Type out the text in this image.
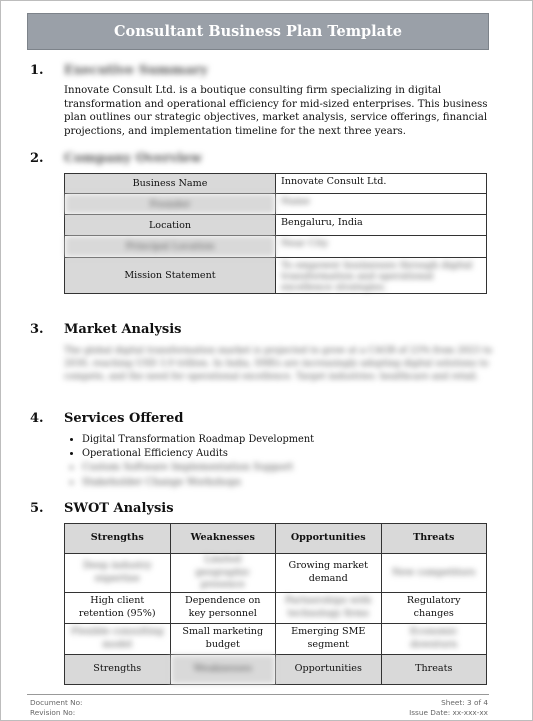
Consultant Business Plan Template
1. Executive Summary
Innovate Consult Ltd. is a boutique consulting firm specializing in digital transformation and operational efficiency for mid-sized enterprises. This business plan outlines our strategic objectives, market analysis, service offerings, financial projections, and implementation timeline for the next three years.
2. Company Overview
Business Name	Innovate Consult Ltd.
Founder	Name
Location	Bengaluru, India
Principal Location	Near City
Mission Statement	To empower businesses through digital transformation and operational excellence strategies.
3. Market Analysis
The global digital transformation market is projected to grow at a CAGR of 23% from 2023 to 2030, reaching USD 3.9 trillion. In India, SMEs are increasingly adopting digital solutions to compete, and the need for operational excellence. Target industries: healthcare and retail.
4. Services Offered
• Digital Transformation Roadmap Development
• Operational Efficiency Audits
• Custom Software Implementation Support
• Stakeholder Change Workshops
5. SWOT Analysis
Strengths	Weaknesses	Opportunities	Threats
Deep industry expertise	Limited geographic presence	Growing market demand	New competitors
High client retention (95%)	Dependence on key personnel	Partnerships with technology firms	Regulatory changes
Flexible consulting model	Small marketing budget	Emerging SME segment	Economic downturn
Strengths	Weaknesses	Opportunities	Threats
Document No:
Revision No:
Sheet: 3 of 4
Issue Date: xx-xxx-xx
